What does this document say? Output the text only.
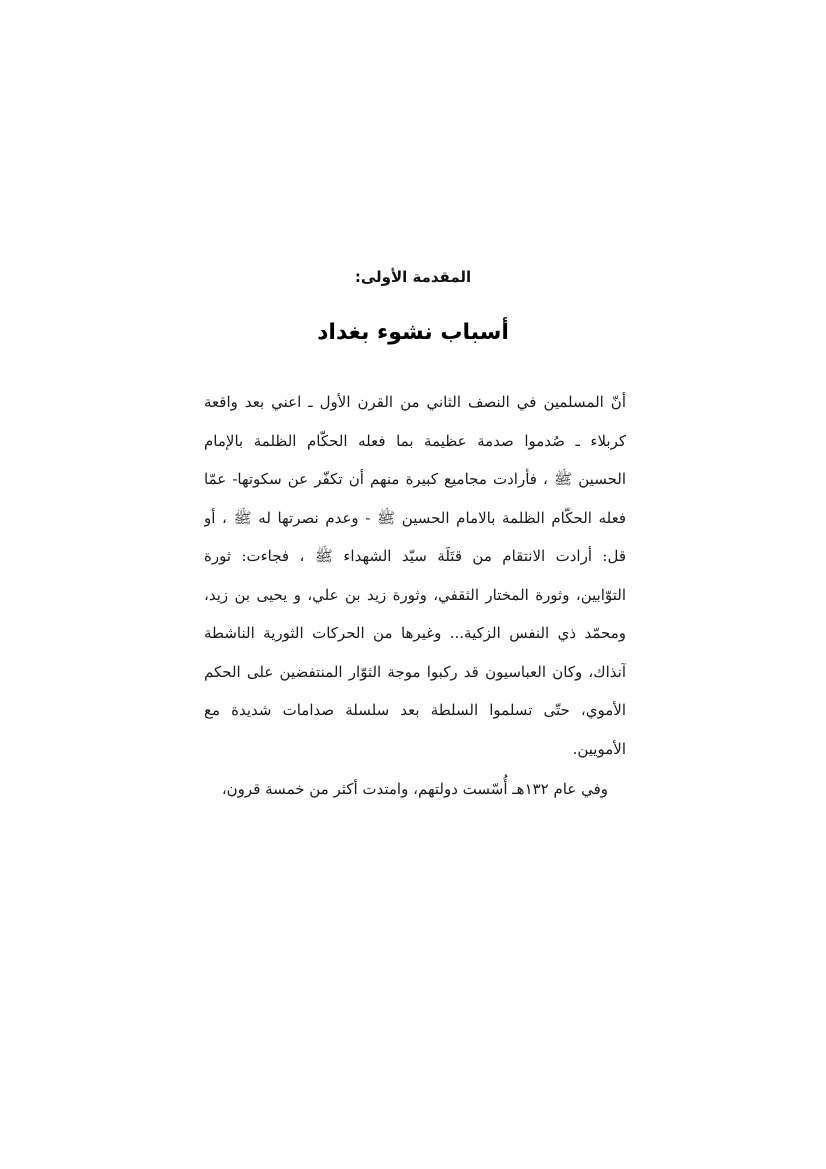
المقدمة الأولى:
أسباب نشوء بغداد
أنّ المسلمين في النصف الثاني من القرن الأول ـ اعني بعد واقعة
كربلاء ـ صُدموا صدمة عظيمة بما فعله الحكّام الظلمة بالإمام
الحسين ﷺ ، فأرادت مجاميع كبيرة منهم أن تكفّر عن سكوتها- عمّا
فعله الحكّام الظلمة بالامام الحسين ﷺ - وعدم نصرتها له ﷺ ، أو
قل: أرادت الانتقام من قتَلَة سيّد الشهداء ﷺ ، فجاءت: ثورة
التوّابين، وثورة المختار الثقفي، وثورة زيد بن علي، و يحيى بن زيد،
ومحمّد ذي النفس الزكية... وغيرها من الحركات الثورية الناشطة
آنذاك، وكان العباسيون قد ركبوا موجة الثوّار المنتفضين على الحكم
الأموي، حتّى تسلموا السلطة بعد سلسلة صدامات شديدة مع
الأمويين.
وفي عام ١٣٢هـ أُسّست دولتهم، وامتدت أكثر من خمسة قرون،
